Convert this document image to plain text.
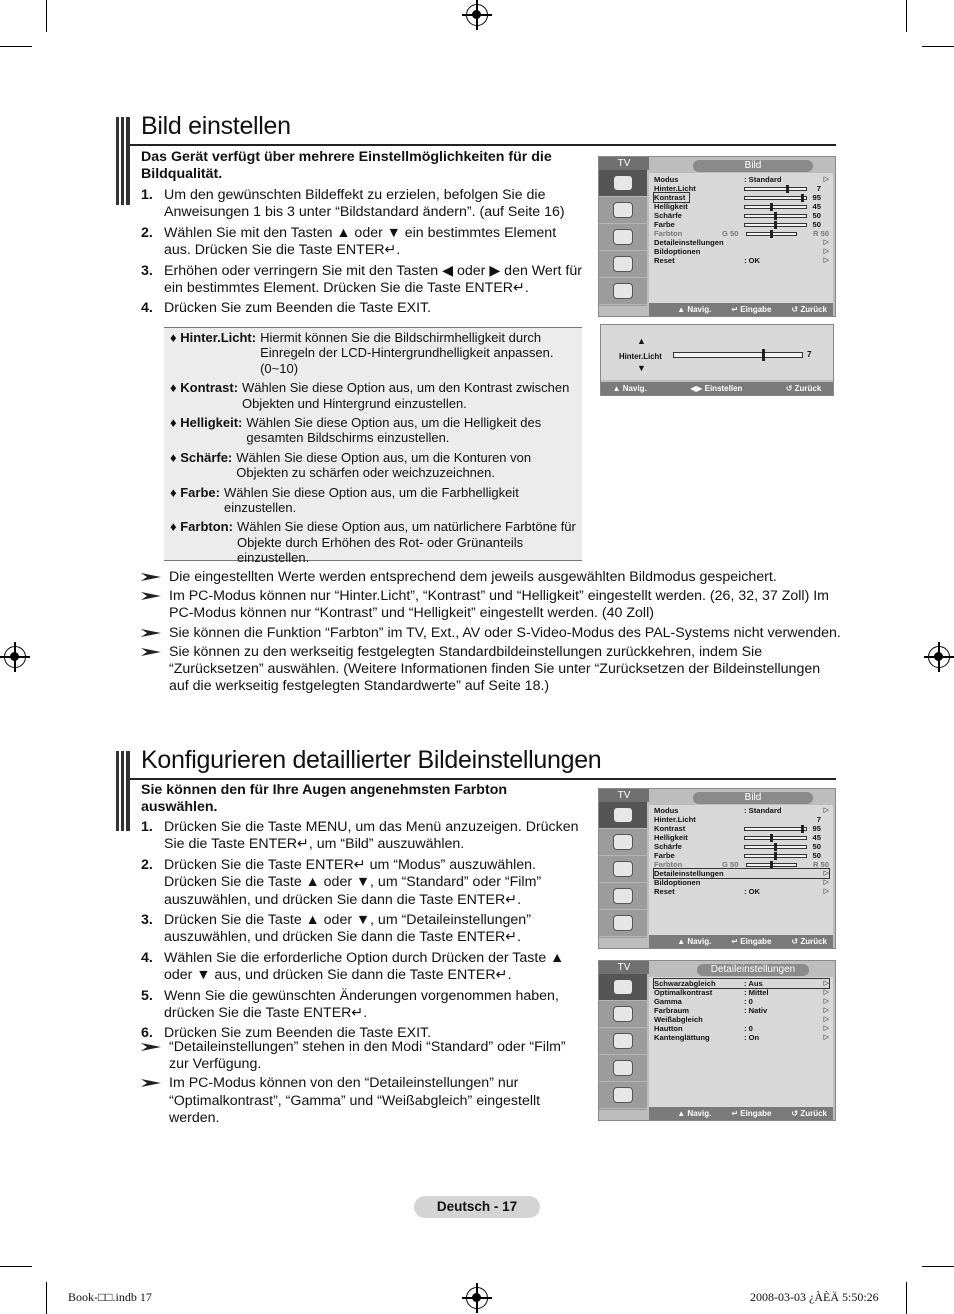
Bild einstellen
Das Gerät verfügt über mehrere Einstellmöglichkeiten für die Bildqualität.
1. Um den gewünschten Bildeffekt zu erzielen, befolgen Sie die Anweisungen 1 bis 3 unter “Bildstandard ändern”. (auf Seite 16)
2. Wählen Sie mit den Tasten ▲ oder ▼ ein bestimmtes Element aus. Drücken Sie die Taste ENTER↵.
3. Erhöhen oder verringern Sie mit den Tasten ◀ oder ▶ den Wert für ein bestimmtes Element. Drücken Sie die Taste ENTER↵.
4. Drücken Sie zum Beenden die Taste EXIT.
♦ Hinter.Licht: Hiermit können Sie die Bildschirmhelligkeit durch Einregeln der LCD-Hintergrundhelligkeit anpassen. (0~10)
♦ Kontrast: Wählen Sie diese Option aus, um den Kontrast zwischen Objekten und Hintergrund einzustellen.
♦ Helligkeit: Wählen Sie diese Option aus, um die Helligkeit des gesamten Bildschirms einzustellen.
♦ Schärfe: Wählen Sie diese Option aus, um die Konturen von Objekten zu schärfen oder weichzuzeichnen.
♦ Farbe: Wählen Sie diese Option aus, um die Farbhelligkeit einzustellen.
♦ Farbton: Wählen Sie diese Option aus, um natürlichere Farbtöne für Objekte durch Erhöhen des Rot- oder Grünanteils einzustellen.
Die eingestellten Werte werden entsprechend dem jeweils ausgewählten Bildmodus gespeichert.
Im PC-Modus können nur “Hinter.Licht”, “Kontrast” und “Helligkeit” eingestellt werden. (26, 32, 37 Zoll) Im PC-Modus können nur “Kontrast” und “Helligkeit” eingestellt werden. (40 Zoll)
Sie können die Funktion “Farbton” im TV, Ext., AV oder S-Video-Modus des PAL-Systems nicht verwenden.
Sie können zu den werkseitig festgelegten Standardbildeinstellungen zurückkehren, indem Sie “Zurücksetzen” auswählen. (Weitere Informationen finden Sie unter “Zurücksetzen der Bildeinstellungen auf die werkseitig festgelegten Standardwerte” auf Seite 18.)
TV	Bild
Modus	: Standard	▷
Hinter.Licht	7
Kontrast	95
Helligkeit	45
Schärfe	50
Farbe	50
Farbton	G 50	R 50
Detaileinstellungen	▷
Bildoptionen	▷
Reset	: OK	▷
▲ Navig.	↵ Eingabe	↺ Zurück
▲
Hinter.Licht
▼
7
▲ Navig.	◀▶ Einstellen	↺ Zurück
Konfigurieren detaillierter Bildeinstellungen
Sie können den für Ihre Augen angenehmsten Farbton auswählen.
1. Drücken Sie die Taste MENU, um das Menü anzuzeigen. Drücken Sie die Taste ENTER↵, um “Bild” auszuwählen.
2. Drücken Sie die Taste ENTER↵ um “Modus” auszuwählen. Drücken Sie die Taste ▲ oder ▼, um “Standard” oder “Film” auszuwählen, und drücken Sie dann die Taste ENTER↵.
3. Drücken Sie die Taste ▲ oder ▼, um “Detaileinstellungen” auszuwählen, und drücken Sie dann die Taste ENTER↵.
4. Wählen Sie die erforderliche Option durch Drücken der Taste ▲ oder ▼ aus, und drücken Sie dann die Taste ENTER↵.
5. Wenn Sie die gewünschten Änderungen vorgenommen haben, drücken Sie die Taste ENTER↵.
6. Drücken Sie zum Beenden die Taste EXIT.
“Detaileinstellungen” stehen in den Modi “Standard” oder “Film” zur Verfügung.
Im PC-Modus können von den “Detaileinstellungen” nur “Optimalkontrast”, “Gamma” und “Weißabgleich” eingestellt werden.
TV	Bild
Modus	: Standard	▷
Hinter.Licht	7
Kontrast	95
Helligkeit	45
Schärfe	50
Farbe	50
Farbton	G 50	R 50
Detaileinstellungen	▷
Bildoptionen	▷
Reset	: OK	▷
▲ Navig.	↵ Eingabe	↺ Zurück
TV	Detaileinstellungen
Schwarzabgleich	: Aus	▷
Optimalkontrast	: Mittel	▷
Gamma	: 0	▷
Farbraum	: Nativ	▷
Weißabgleich	▷
Hautton	: 0	▷
Kantenglättung	: On	▷
▲ Navig.	↵ Eingabe	↺ Zurück
Deutsch - 17
Book-□□.indb 17	2008-03-03 ¿ÀÈÄ 5:50:26
